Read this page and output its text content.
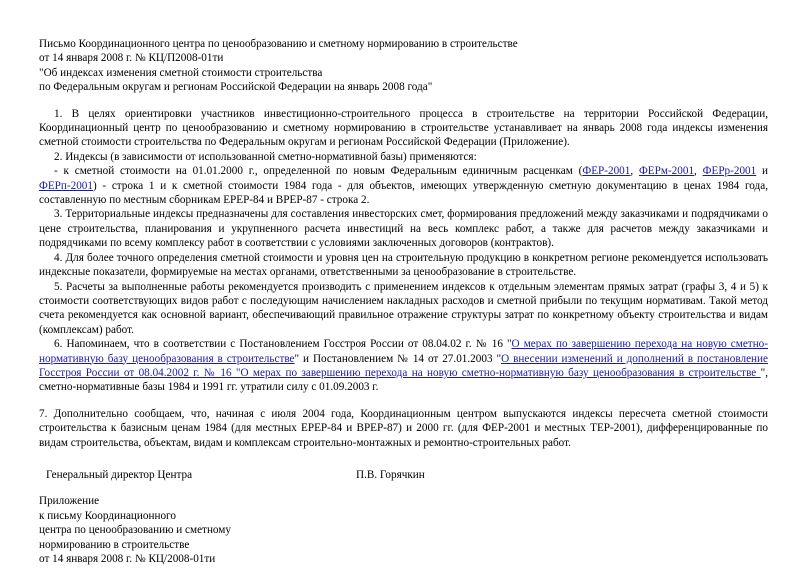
Письмо Координационного центра по ценообразованию и сметному нормированию в строительстве
от 14 января 2008 г. № КЦ/П2008-01ти
"Об индексах изменения сметной стоимости строительства
по Федеральным округам и регионам Российской Федерации на январь 2008 года"
1. В целях ориентировки участников инвестиционно-строительного процесса в строительстве на территории Российской Федерации, Координационный центр по ценообразованию и сметному нормированию в строительстве устанавливает на январь 2008 года индексы изменения сметной стоимости строительства по Федеральным округам и регионам Российской Федерации (Приложение).
2. Индексы (в зависимости от использованной сметно-нормативной базы) применяются:
- к сметной стоимости на 01.01.2000 г., определенной по новым Федеральным единичным расценкам (ФЕР-2001, ФЕРм-2001, ФЕРр-2001 и ФЕРп-2001) - строка 1 и к сметной стоимости 1984 года - для объектов, имеющих утвержденную сметную документацию в ценах 1984 года, составленную по местным сборникам ЕРЕР-84 и ВРЕР-87 - строка 2.
3. Территориальные индексы предназначены для составления инвесторских смет, формирования предложений между заказчиками и подрядчиками о цене строительства, планирования и укрупненного расчета инвестиций на весь комплекс работ, а также для расчетов между заказчиками и подрядчиками по всему комплексу работ в соответствии с условиями заключенных договоров (контрактов).
4. Для более точного определения сметной стоимости и уровня цен на строительную продукцию в конкретном регионе рекомендуется использовать индексные показатели, формируемые на местах органами, ответственными за ценообразование в строительстве.
5. Расчеты за выполненные работы рекомендуется производить с применением индексов к отдельным элементам прямых затрат (графы 3, 4 и 5) к стоимости соответствующих видов работ с последующим начислением накладных расходов и сметной прибыли по текущим нормативам. Такой метод счета рекомендуется как основной вариант, обеспечивающий правильное отражение структуры затрат по конкретному объекту строительства и видам (комплексам) работ.
6. Напоминаем, что в соответствии с Постановлением Госстроя России от 08.04.02 г. № 16 "О мерах по завершению перехода на новую сметно-нормативную базу ценообразования в строительстве" и Постановлением № 14 от 27.01.2003 "О внесении изменений и дополнений в постановление Госстроя России от 08.04.2002 г. № 16 "О мерах по завершению перехода на новую сметно-нормативную базу ценообразования в строительстве ", сметно-нормативные базы 1984 и 1991 гг. утратили силу с 01.09.2003 г.
7. Дополнительно сообщаем, что, начиная с июля 2004 года, Координационным центром выпускаются индексы пересчета сметной стоимости строительства к базисным ценам 1984 (для местных ЕРЕР-84 и ВРЕР-87) и 2000 гг. (для ФЕР-2001 и местных ТЕР-2001), дифференцированные по видам строительства, объектам, видам и комплексам строительно-монтажных и ремонтно-строительных работ.
Генеральный директор Центра	П.В. Горячкин
Приложение
к письму Координационного
центра по ценообразованию и сметному
нормированию в строительстве
от 14 января 2008 г. № КЦ/2008-01ти
